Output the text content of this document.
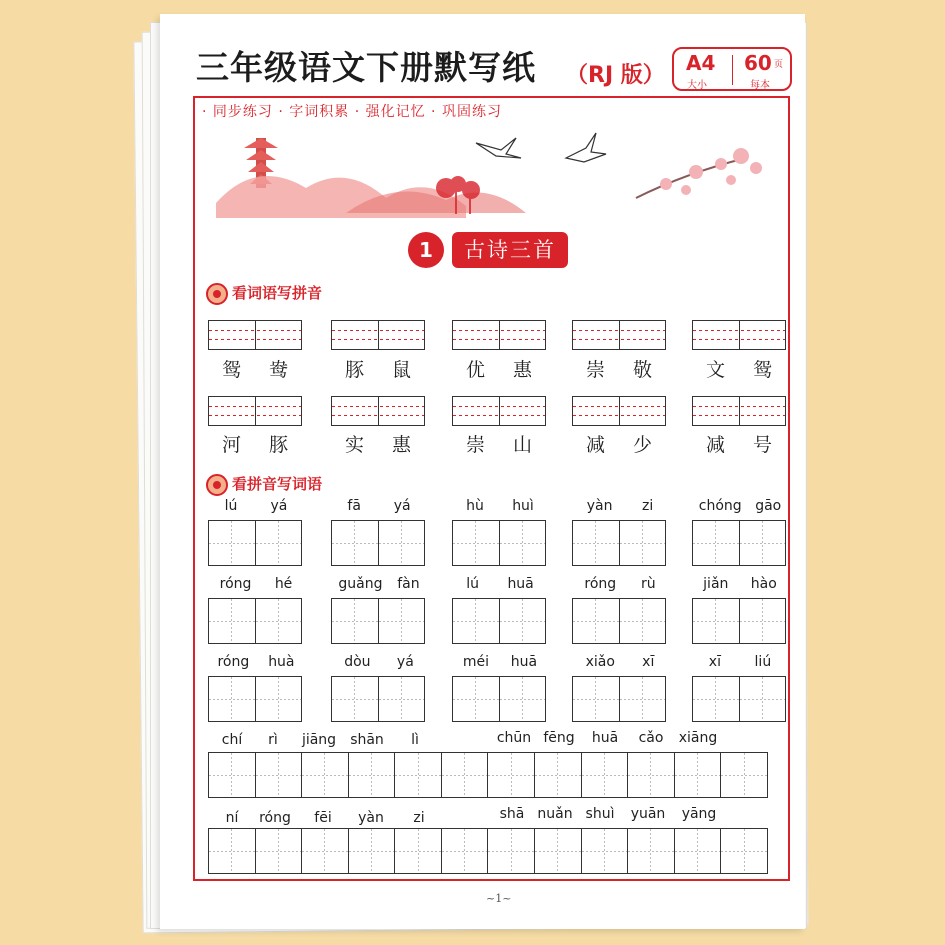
三年级语文下册默写纸 （RJ 版） A4
大小
60 页
每本
· 同步练习 · 字词积累 · 强化记忆 · 巩固练习
1	古诗三首
看词语写拼音
鸳 鸯	豚 鼠	优 惠	崇 敬	文 鸳
河 豚	实 惠	崇 山	减 少	减 号
看拼音写词语
lú yá	fā yá	hù huì	yàn zi	chóng gāo
róng hé	guǎng fàn	lú huā	róng rù	jiǎn hào
róng huà	dòu yá	méi huā	xiǎo xī	xī liú
chí rì jiāng shān lì	chūn fēng huā cǎo xiāng
ní róng fēi yàn zi	shā nuǎn shuì yuān yāng
~1~
